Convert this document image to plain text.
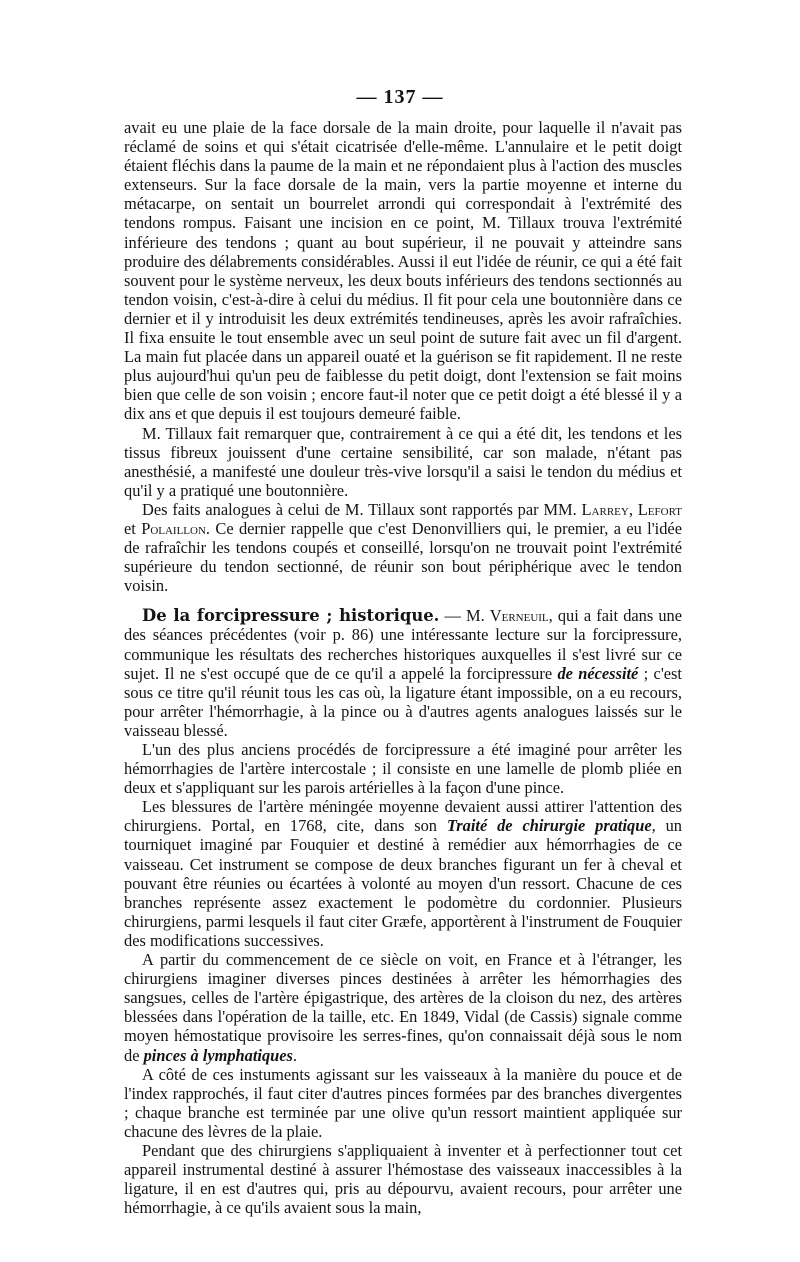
— 137 —

avait eu une plaie de la face dorsale de la main droite, pour laquelle il n'avait pas réclamé de soins et qui s'était cicatrisée d'elle-même. L'annulaire et le petit doigt étaient fléchis dans la paume de la main et ne répondaient plus à l'action des muscles extenseurs. Sur la face dorsale de la main, vers la partie moyenne et interne du métacarpe, on sentait un bourrelet arrondi qui correspondait à l'extrémité des tendons rompus. Faisant une incision en ce point, M. Tillaux trouva l'extrémité inférieure des tendons ; quant au bout supérieur, il ne pouvait y atteindre sans produire des délabrements considérables. Aussi il eut l'idée de réunir, ce qui a été fait souvent pour le système nerveux, les deux bouts inférieurs des tendons sectionnés au tendon voisin, c'est-à-dire à celui du médius. Il fit pour cela une boutonnière dans ce dernier et il y introduisit les deux extrémités tendineuses, après les avoir rafraîchies. Il fixa ensuite le tout ensemble avec un seul point de suture fait avec un fil d'argent. La main fut placée dans un appareil ouaté et la guérison se fit rapidement. Il ne reste plus aujourd'hui qu'un peu de faiblesse du petit doigt, dont l'extension se fait moins bien que celle de son voisin ; encore faut-il noter que ce petit doigt a été blessé il y a dix ans et que depuis il est toujours demeuré faible.

M. Tillaux fait remarquer que, contrairement à ce qui a été dit, les tendons et les tissus fibreux jouissent d'une certaine sensibilité, car son malade, n'étant pas anesthésié, a manifesté une douleur très-vive lorsqu'il a saisi le tendon du médius et qu'il y a pratiqué une boutonnière.

Des faits analogues à celui de M. Tillaux sont rapportés par MM. Larrey, Lefort et Polaillon. Ce dernier rappelle que c'est Denonvilliers qui, le premier, a eu l'idée de rafraîchir les tendons coupés et conseillé, lorsqu'on ne trouvait point l'extrémité supérieure du tendon sectionné, de réunir son bout périphérique avec le tendon voisin.

De la forcipressure ; historique. — M. Verneuil, qui a fait dans une des séances précédentes (voir p. 86) une intéressante lecture sur la forcipressure, communique les résultats des recherches historiques auxquelles il s'est livré sur ce sujet. Il ne s'est occupé que de ce qu'il a appelé la forcipressure de nécessité ; c'est sous ce titre qu'il réunit tous les cas où, la ligature étant impossible, on a eu recours, pour arrêter l'hémorrhagie, à la pince ou à d'autres agents analogues laissés sur le vaisseau blessé.

L'un des plus anciens procédés de forcipressure a été imaginé pour arrêter les hémorrhagies de l'artère intercostale ; il consiste en une lamelle de plomb pliée en deux et s'appliquant sur les parois artérielles à la façon d'une pince.

Les blessures de l'artère méningée moyenne devaient aussi attirer l'attention des chirurgiens. Portal, en 1768, cite, dans son Traité de chirurgie pratique, un tourniquet imaginé par Fouquier et destiné à remédier aux hémorrhagies de ce vaisseau. Cet instrument se compose de deux branches figurant un fer à cheval et pouvant être réunies ou écartées à volonté au moyen d'un ressort. Chacune de ces branches représente assez exactement le podomètre du cordonnier. Plusieurs chirurgiens, parmi lesquels il faut citer Græfe, apportèrent à l'instrument de Fouquier des modifications successives.

A partir du commencement de ce siècle on voit, en France et à l'étranger, les chirurgiens imaginer diverses pinces destinées à arrêter les hémorrhagies des sangsues, celles de l'artère épigastrique, des artères de la cloison du nez, des artères blessées dans l'opération de la taille, etc. En 1849, Vidal (de Cassis) signale comme moyen hémostatique provisoire les serres-fines, qu'on connaissait déjà sous le nom de pinces à lymphatiques.

A côté de ces instuments agissant sur les vaisseaux à la manière du pouce et de l'index rapprochés, il faut citer d'autres pinces formées par des branches divergentes ; chaque branche est terminée par une olive qu'un ressort maintient appliquée sur chacune des lèvres de la plaie.

Pendant que des chirurgiens s'appliquaient à inventer et à perfectionner tout cet appareil instrumental destiné à assurer l'hémostase des vaisseaux inaccessibles à la ligature, il en est d'autres qui, pris au dépourvu, avaient recours, pour arrêter une hémorrhagie, à ce qu'ils avaient sous la main,
